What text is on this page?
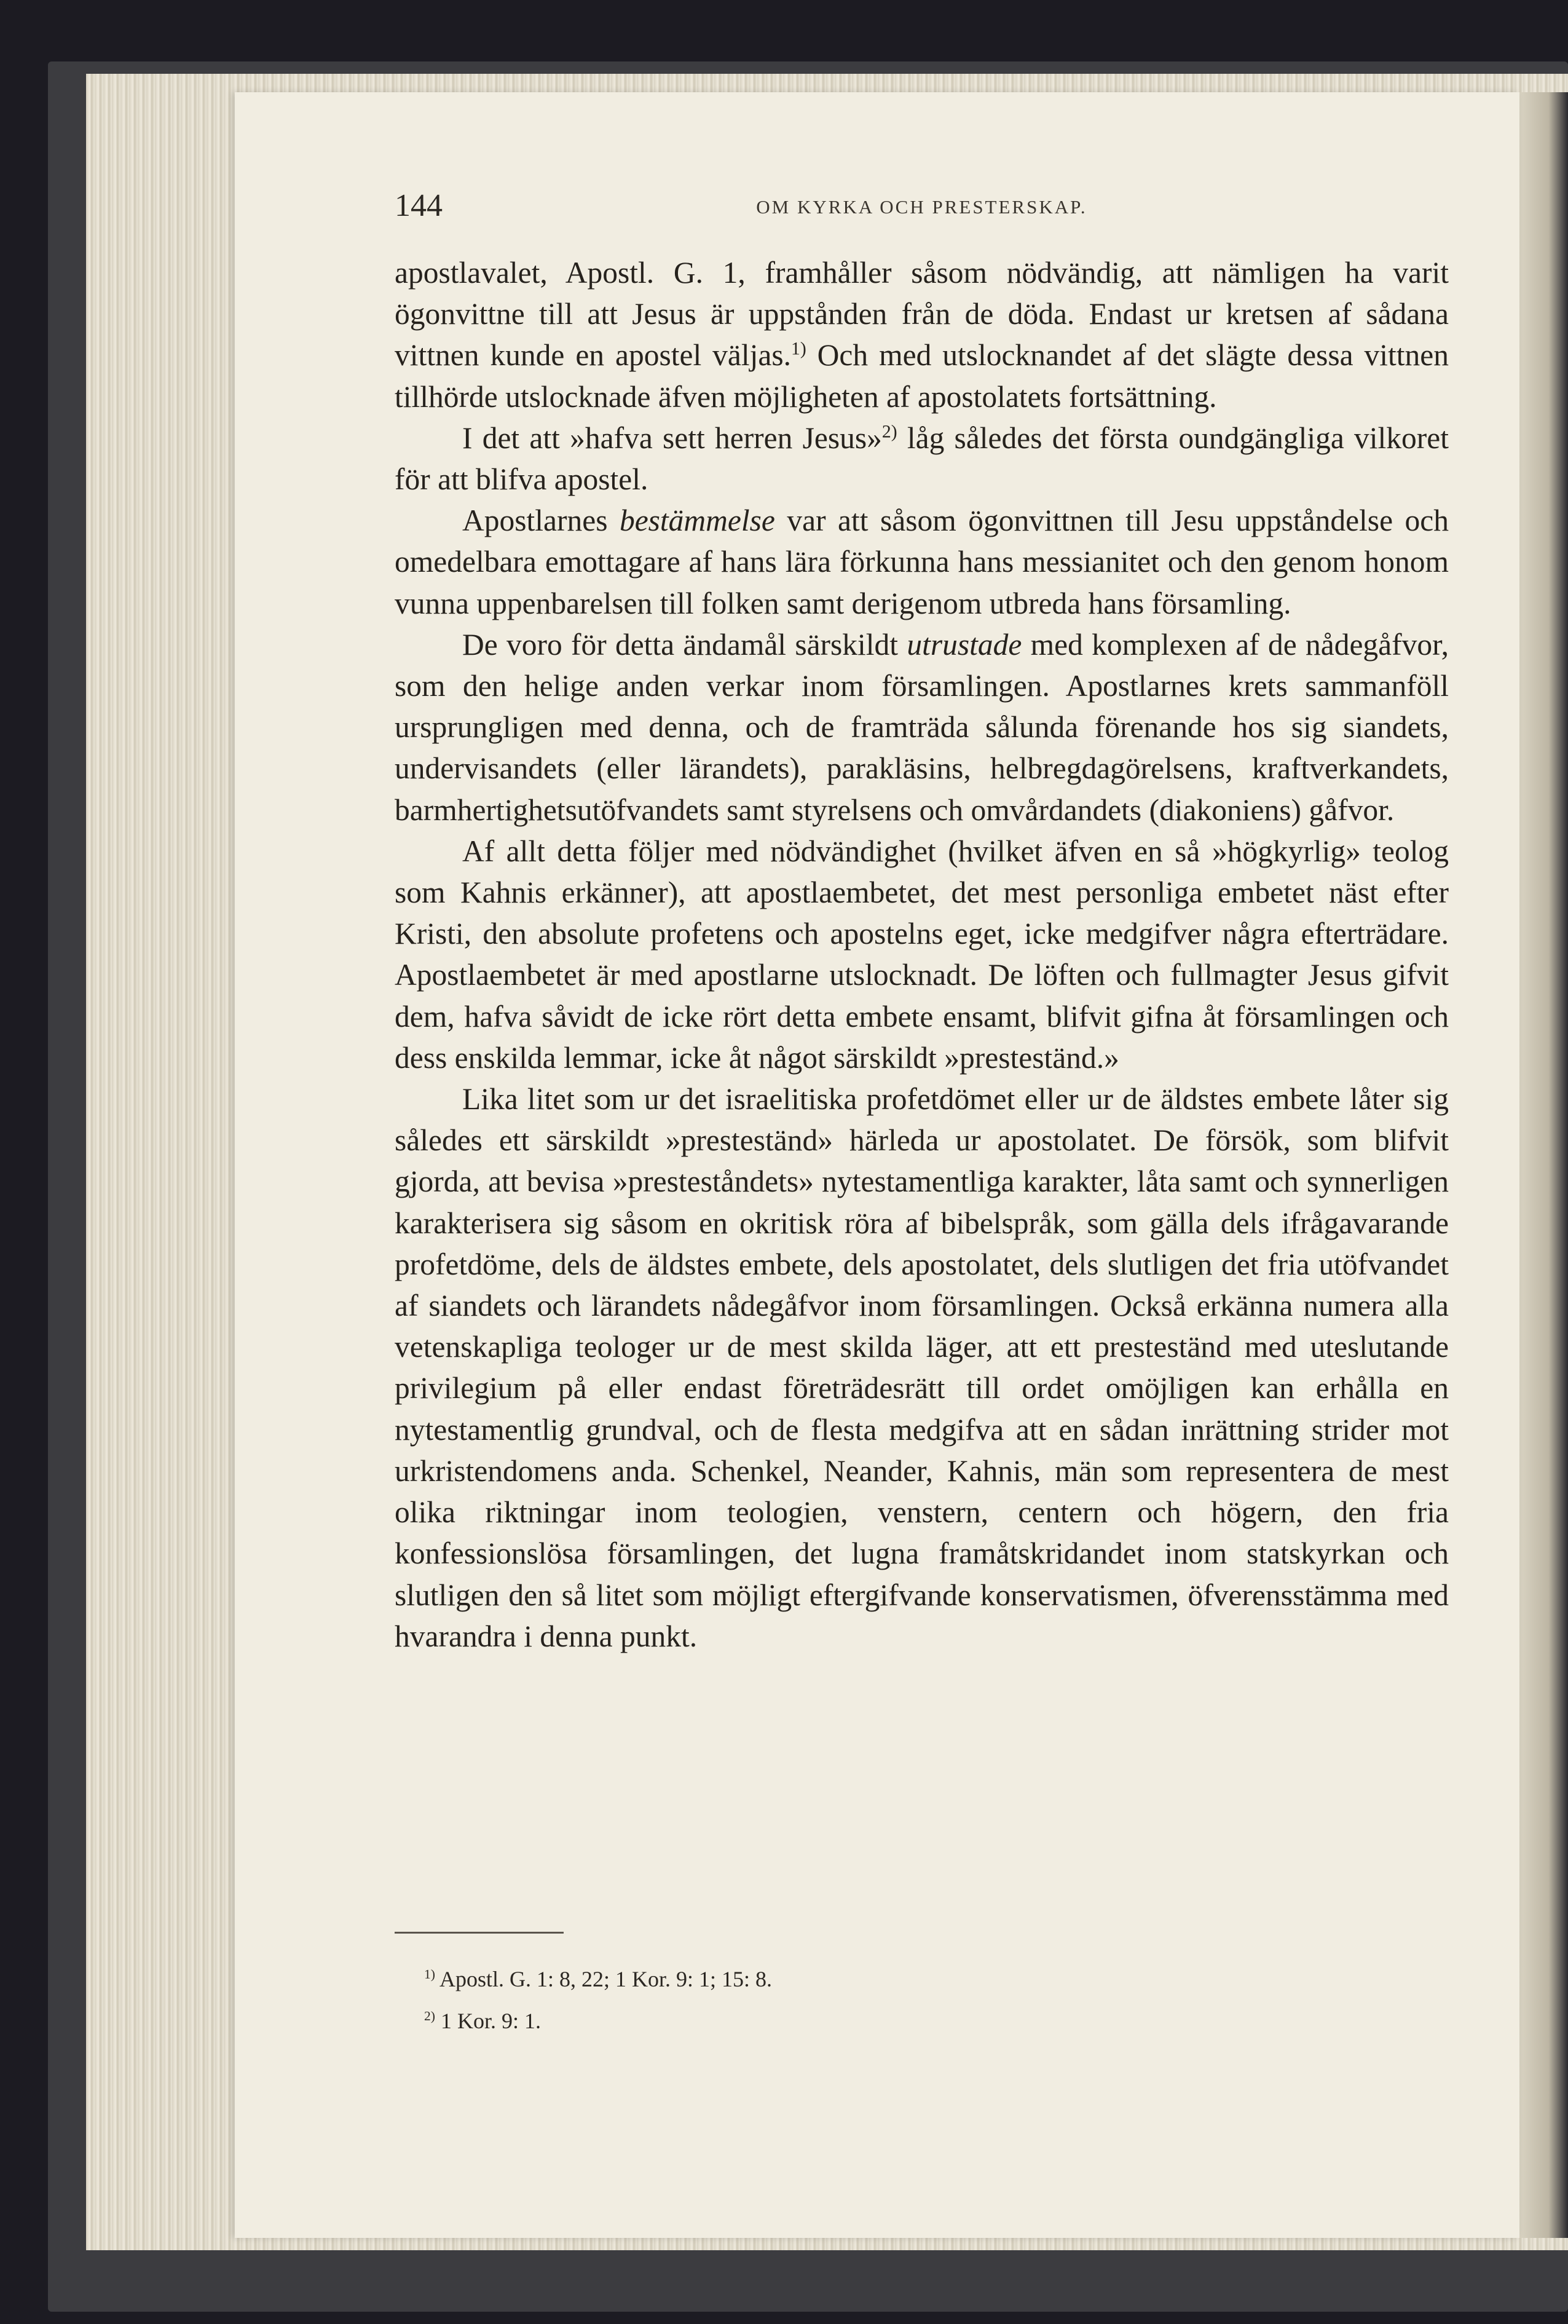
144	OM KYRKA OCH PRESTERSKAP.

apostlavalet, Apostl. G. 1, framhåller såsom nödvändig, att nämligen ha varit ögonvittne till att Jesus är uppstånden från de döda. Endast ur kretsen af sådana vittnen kunde en apostel väljas.$^{1)}$ Och med utslocknandet af det slägte dessa vittnen tillhörde utslocknade äfven möjligheten af apostolatets fortsättning.

I det att »hafva sett herren Jesus»$^{2)}$ låg således det första oundgängliga vilkoret för att blifva apostel.

Apostlarnes bestämmelse var att såsom ögonvittnen till Jesu uppståndelse och omedelbara emottagare af hans lära förkunna hans messianitet och den genom honom vunna uppenbarelsen till folken samt derigenom utbreda hans församling.

De voro för detta ändamål särskildt utrustade med komplexen af de nådegåfvor, som den helige anden verkar inom församlingen. Apostlarnes krets sammanföll ursprungligen med denna, och de framträda sålunda förenande hos sig siandets, undervisandets (eller lärandets), parakläsins, helbregdagörelsens, kraftverkandets, barmhertighetsutöfvandets samt styrelsens och omvårdandets (diakoniens) gåfvor.

Af allt detta följer med nödvändighet (hvilket äfven en så »högkyrlig» teolog som Kahnis erkänner), att apostlaembetet, det mest personliga embetet näst efter Kristi, den absolute profetens och apostelns eget, icke medgifver några efterträdare. Apostlaembetet är med apostlarne utslocknadt. De löften och fullmagter Jesus gifvit dem, hafva såvidt de icke rört detta embete ensamt, blifvit gifna åt församlingen och dess enskilda lemmar, icke åt något särskildt »presteständ.»

Lika litet som ur det israelitiska profetdömet eller ur de äldstes embete låter sig således ett särskildt »presteständ» härleda ur apostolatet. De försök, som blifvit gjorda, att bevisa »presteståndets» nytestamentliga karakter, låta samt och synnerligen karakterisera sig såsom en okritisk röra af bibelspråk, som gälla dels ifrågavarande profetdöme, dels de äldstes embete, dels apostolatet, dels slutligen det fria utöfvandet af siandets och lärandets nådegåfvor inom församlingen. Också erkänna numera alla vetenskapliga teologer ur de mest skilda läger, att ett presteständ med uteslutande privilegium på eller endast företrädesrätt till ordet omöjligen kan erhålla en nytestamentlig grundval, och de flesta medgifva att en sådan inrättning strider mot urkristendomens anda. Schenkel, Neander, Kahnis, män som representera de mest olika riktningar inom teologien, venstern, centern och högern, den fria konfessionslösa församlingen, det lugna framåtskridandet inom statskyrkan och slutligen den så litet som möjligt eftergifvande konservatismen, öfverensstämma med hvarandra i denna punkt.

$^{1)}$ Apostl. G. 1: 8, 22; 1 Kor. 9: 1; 15: 8.
$^{2)}$ 1 Kor. 9: 1.
